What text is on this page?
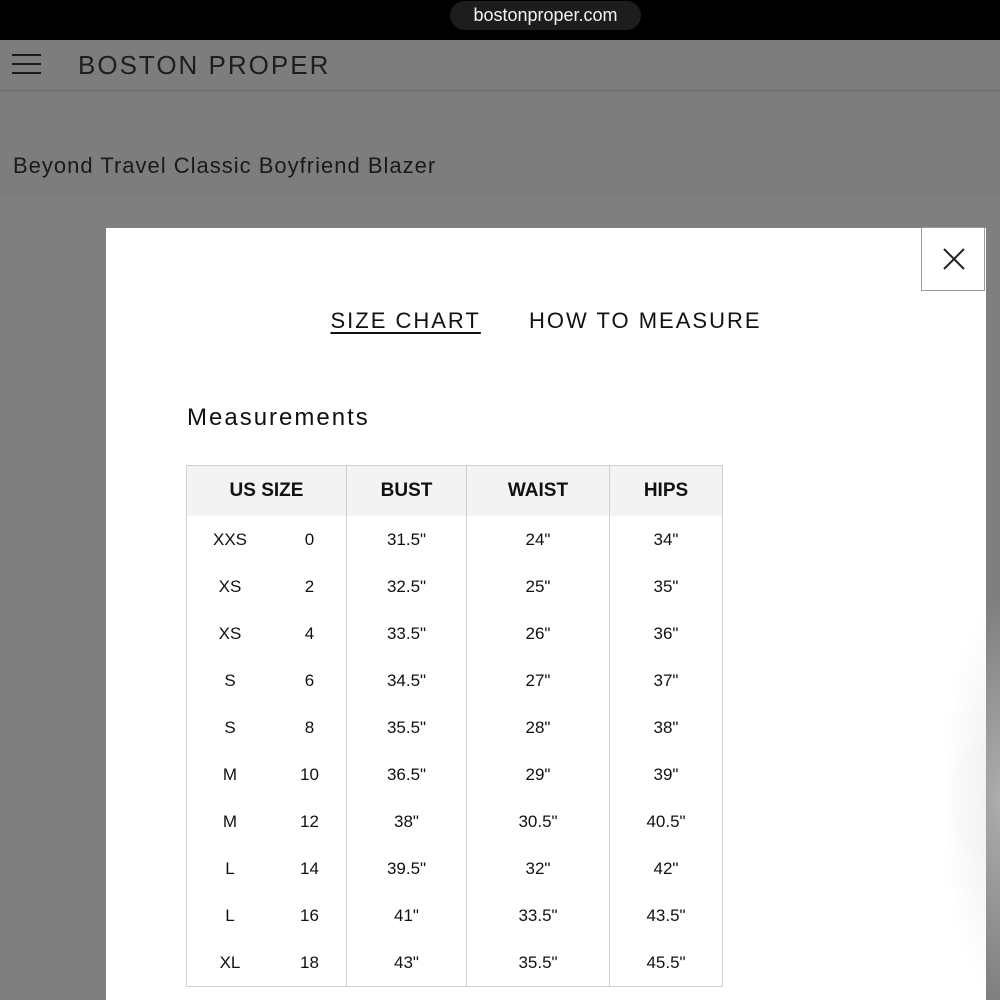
bostonproper.com
BOSTON PROPER
Beyond Travel Classic Boyfriend Blazer
SIZE CHART HOW TO MEASURE
Measurements
US SIZE		BUST	WAIST	HIPS
XXS	0	31.5"	24"	34"
XS	2	32.5"	25"	35"
XS	4	33.5"	26"	36"
S	6	34.5"	27"	37"
S	8	35.5"	28"	38"
M	10	36.5"	29"	39"
M	12	38"	30.5"	40.5"
L	14	39.5"	32"	42"
L	16	41"	33.5"	43.5"
XL	18	43"	35.5"	45.5"
